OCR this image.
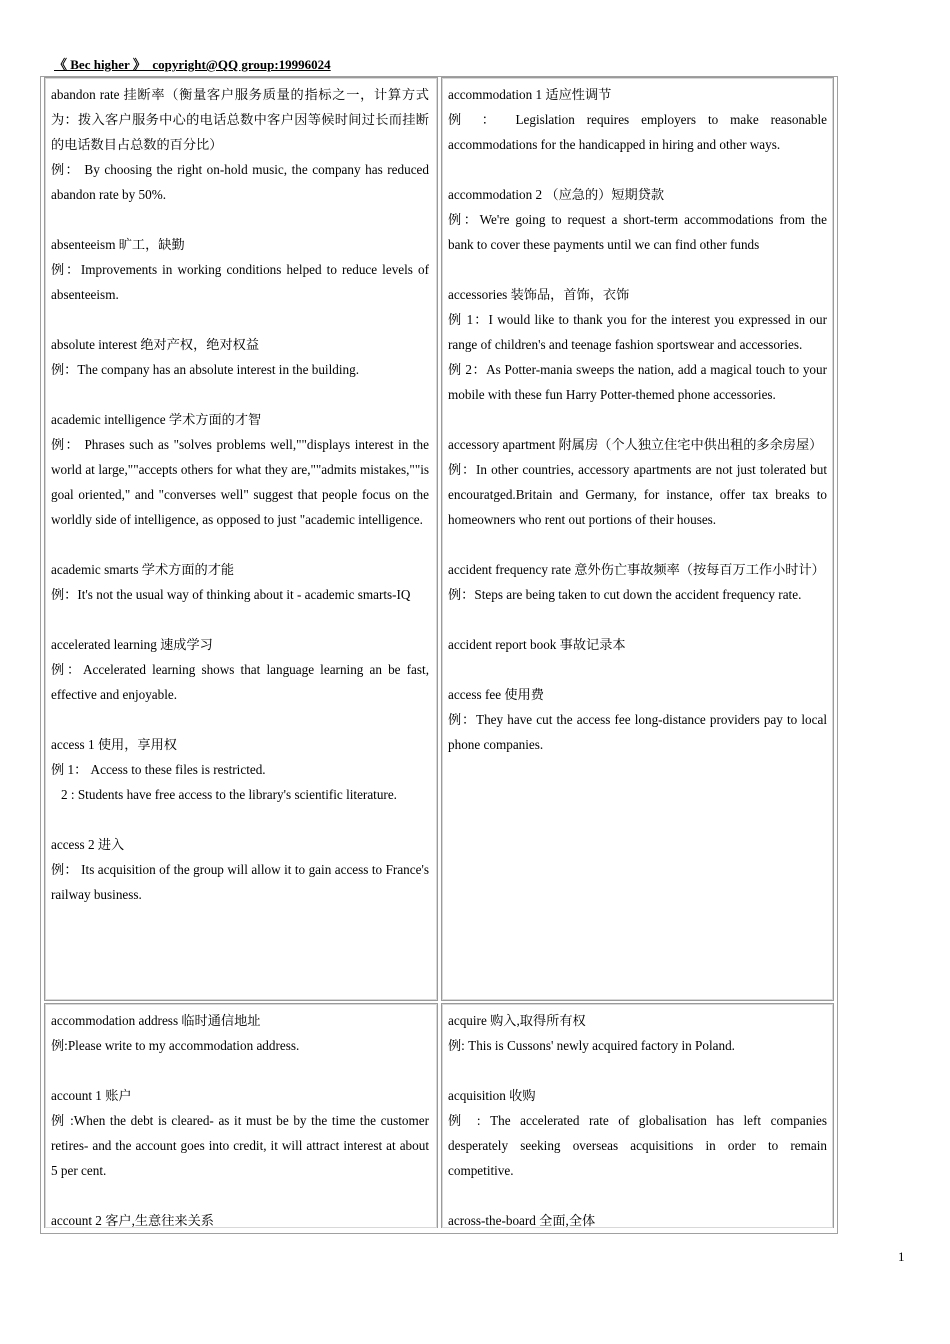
《 Bec higher 》  copyright@QQ group:19996024

abandon rate 挂断率（衡量客户服务质量的指标之一，计算方式为：拨入客户服务中心的电话总数中客户因等候时间过长而挂断的电话数目占总数的百分比）

例： By choosing the right on-hold music, the company has reduced abandon rate by 50%.

absenteeism 旷工，缺勤

例：Improvements in working conditions helped to reduce levels of absenteeism.

absolute interest 绝对产权，绝对权益

例：The company has an absolute interest in the building.

academic intelligence 学术方面的才智

例： Phrases such as "solves problems well,""displays interest in the world at large,""accepts others for what they are,""admits mistakes,""is goal oriented," and "converses well" suggest that people focus on the worldly side of intelligence, as opposed to just "academic intelligence.

academic smarts 学术方面的才能

例：It's not the usual way of thinking about it - academic smarts-IQ

accelerated learning 速成学习

例：Accelerated learning shows that language learning an be fast, effective and enjoyable.

access 1 使用，享用权

例 1： Access to these files is restricted.

2 : Students have free access to the library's scientific literature.

access 2 进入

例： Its acquisition of the group will allow it to gain access to France's railway business.

accommodation 1 适应性调节

例 ： Legislation requires employers to make reasonable accommodations for the handicapped in hiring and other ways.

accommodation 2 （应急的）短期贷款

例：We're going to request a short-term accommodations from the bank to cover these payments until we can find other funds

accessories 装饰品，首饰，衣饰

例 1：I would like to thank you for the interest you expressed in our range of children's and teenage fashion sportswear and accessories.

例 2：As Potter-mania sweeps the nation, add a magical touch to your mobile with these fun Harry Potter-themed phone accessories.

accessory apartment 附属房（个人独立住宅中供出租的多余房屋）

例：In other countries, accessory apartments are not just tolerated but encouratged.Britain and Germany, for instance, offer tax breaks to homeowners who rent out portions of their houses.

accident frequency rate 意外伤亡事故频率（按每百万工作小时计）

例：Steps are being taken to cut down the accident frequency rate.

accident report book 事故记录本

access fee 使用费

例：They have cut the access fee long-distance providers pay to local phone companies.

accommodation address 临时通信地址

例:Please write to my accommodation address.

account 1 账户

例 :When the debt is cleared- as it must be by the time the customer retires- and the account goes into credit, it will attract interest at about 5 per cent.

account 2 客户,生意往来关系

acquire 购入,取得所有权

例: This is Cussons' newly acquired factory in Poland.

acquisition 收购

例 : The accelerated rate of globalisation has left companies desperately seeking overseas acquisitions in order to remain competitive.

across-the-board 全面,全体

1
